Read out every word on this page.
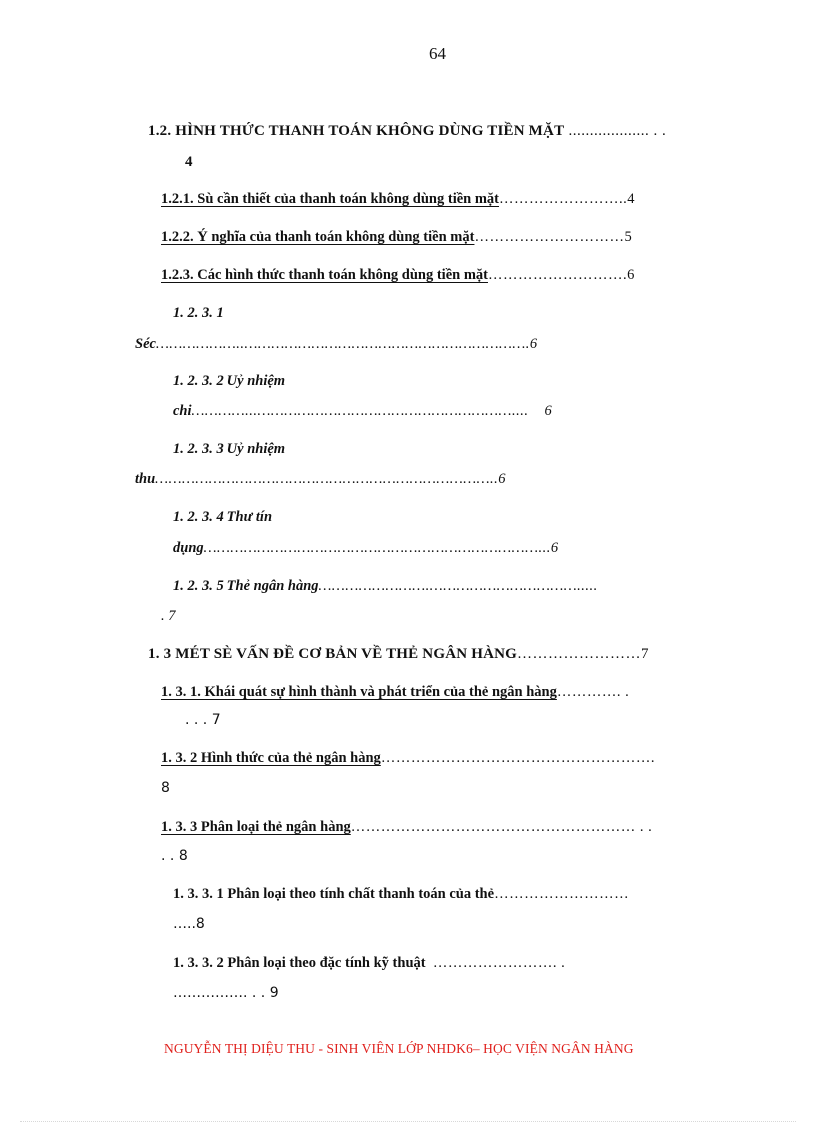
64
1.2. HÌNH THỨC THANH TOÁN KHÔNG DÙNG TIỀN MẶT ................... . .
4
1.2.1. Sù cần thiết của thanh toán không dùng tiền mặt……………………..4
1.2.2. Ý nghĩa của thanh toán không dùng tiền mặt…………………………5
1.2.3. Các hình thức thanh toán không dùng tiền mặt……………………….6
1. 2. 3. 1
Séc………………..……………………………………………………….6
1. 2. 3. 2  Uỷ nhiệm
chi…………...………………………………………………….... 6
1. 2. 3. 3  Uỷ nhiệm
thu…………………………………………………………………..6
1. 2. 3. 4  Thư tín
dụng…………………………………………………………………...6
1. 2. 3. 5  Thẻ ngân hàng…………………….…………………………….....
. 7
1. 3 MÉT SÈ VẤN ĐỀ CƠ BẢN VỀ THẺ NGÂN HÀNG……………………7
1. 3. 1. Khái quát sự hình thành và phát triển của thẻ ngân hàng…………. .
. . . 7
1. 3. 2 Hình thức của thẻ ngân hàng……………………………………………….
8
1. 3. 3 Phân loại thẻ ngân hàng………………………………………………… . .
. . 8
1. 3. 3. 1 Phân loại theo tính chất thanh toán của thẻ………………………
…..8
1. 3. 3. 2 Phân loại theo đặc tính kỹ thuật ……………………. .
……………. . . 9
NGUYỄN THỊ DIỆU THU - SINH VIÊN LỚP NHDK6– HỌC VIỆN NGÂN HÀNG
